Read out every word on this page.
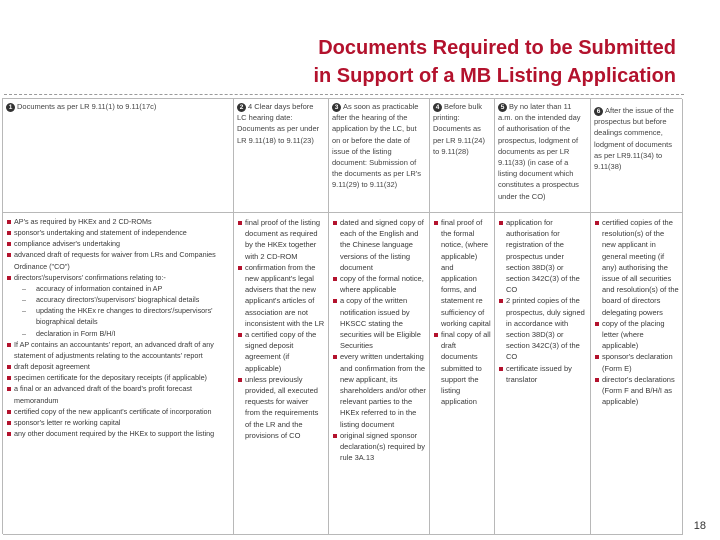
Documents Required to be Submitted
in Support of a MB Listing Application
1 Documents as per LR 9.11(1) to 9.11(17c)	2 4 Clear days before LC hearing date: Documents as per under LR 9.11(18) to 9.11(23)
3 As soon as practicable after the hearing of the application by the LC, but on or before the date of issue of the listing document: Submission of the documents as per LR's 9.11(29) to 9.11(32)
4 Before bulk printing: Documents as per LR 9.11(24) to 9.11(28)
5 By no later than 11 a.m. on the intended day of authorisation of the prospectus, lodgment of documents as per LR 9.11(33) (in case of a listing document which constitutes a prospectus under the CO)
6 After the issue of the prospectus but before dealings commence, lodgment of documents as per LR9.11(34) to 9.11(38)
AP's as required by HKEx and 2 CD-ROMs
sponsor's undertaking and statement of independence
compliance adviser's undertaking
advanced draft of requests for waiver from LRs and Companies Ordinance ("CO")
directors'/supervisors' confirmations relating to:-
– accuracy of information contained in AP
– accuracy directors'/supervisors' biographical details
– updating the HKEx re changes to directors'/supervisors' biographical details
– declaration in Form B/H/I
If AP contains an accountants' report, an advanced draft of any statement of adjustments relating to the accountants' report
draft deposit agreement
specimen certificate for the depositary receipts (if applicable)
a final or an advanced draft of the board's profit forecast memorandum
certified copy of the new applicant's certificate of incorporation
sponsor's letter re working capital
any other document required by the HKEx to support the listing
final proof of the listing document as required by the HKEx together with 2 CD-ROM
confirmation from the new applicant's legal advisers that the new applicant's articles of association are not inconsistent with the LR
a certified copy of the signed deposit agreement (if applicable)
unless previously provided, all executed requests for waiver from the requirements of the LR and the provisions of CO
dated and signed copy of each of the English and the Chinese language versions of the listing document
copy of the formal notice, where applicable
a copy of the written notification issued by HKSCC stating the securities will be Eligible Securities
every written undertaking and confirmation from the new applicant, its shareholders and/or other relevant parties to the HKEx referred to in the listing document
original signed sponsor declaration(s) required by rule 3A.13
final proof of the formal notice, (where applicable) and application forms, and statement re sufficiency of working capital
final copy of all draft documents submitted to support the listing application
application for authorisation for registration of the prospectus under section 38D(3) or section 342C(3) of the CO
2 printed copies of the prospectus, duly signed in accordance with section 38D(3) or section 342C(3) of the CO
certificate issued by translator
certified copies of the resolution(s) of the new applicant in general meeting (if any) authorising the issue of all securities and resolution(s) of the board of directors delegating powers
copy of the placing letter (where applicable)
sponsor's declaration (Form E)
director's declarations (Form F and B/H/I as applicable)
18
